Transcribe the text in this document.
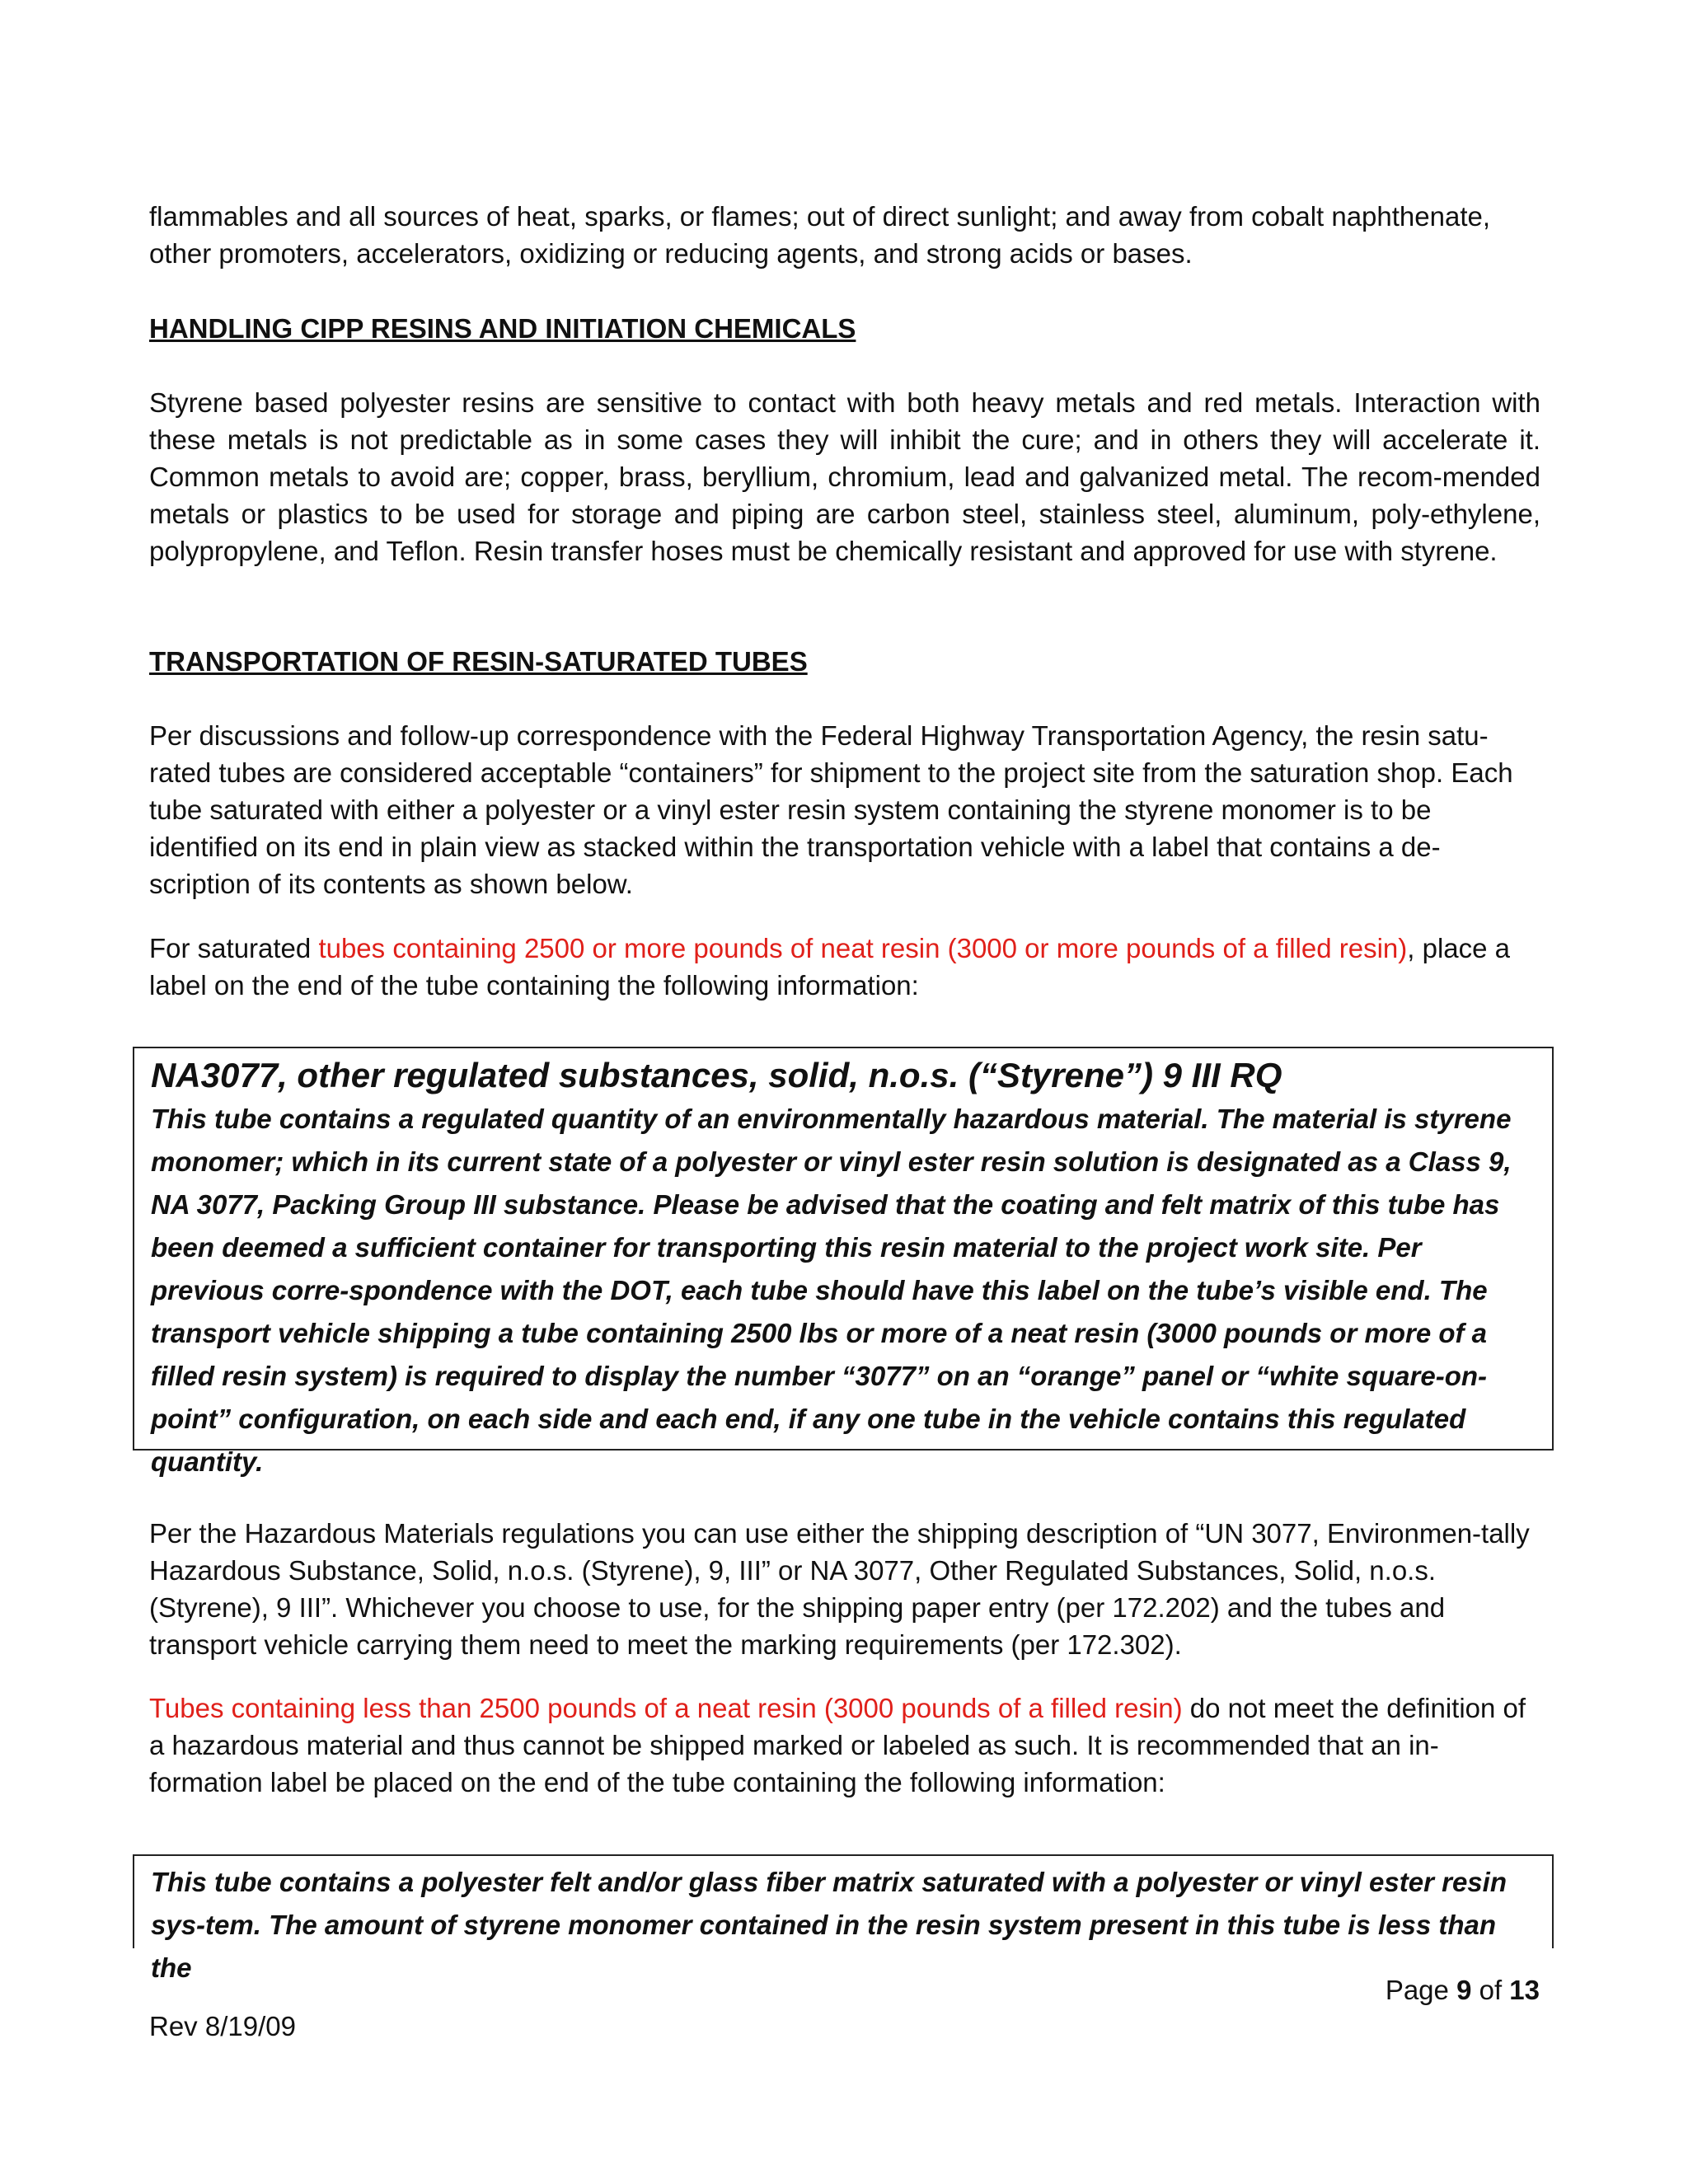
flammables and all sources of heat, sparks, or flames; out of direct sunlight; and away from cobalt naphthenate, other promoters, accelerators, oxidizing or reducing agents, and strong acids or bases.

HANDLING CIPP RESINS AND INITIATION CHEMICALS

Styrene based polyester resins are sensitive to contact with both heavy metals and red metals. Interaction with these metals is not predictable as in some cases they will inhibit the cure; and in others they will accelerate it. Common metals to avoid are; copper, brass, beryllium, chromium, lead and galvanized metal. The recom-mended metals or plastics to be used for storage and piping are carbon steel, stainless steel, aluminum, poly-ethylene, polypropylene, and Teflon. Resin transfer hoses must be chemically resistant and approved for use with styrene.

TRANSPORTATION OF RESIN-SATURATED TUBES

Per discussions and follow-up correspondence with the Federal Highway Transportation Agency, the resin satu-rated tubes are considered acceptable “containers” for shipment to the project site from the saturation shop. Each tube saturated with either a polyester or a vinyl ester resin system containing the styrene monomer is to be identified on its end in plain view as stacked within the transportation vehicle with a label that contains a de-scription of its contents as shown below.

For saturated tubes containing 2500 or more pounds of neat resin (3000 or more pounds of a filled resin), place a label on the end of the tube containing the following information:

NA3077, other regulated substances, solid, n.o.s. (“Styrene”) 9 III RQ

This tube contains a regulated quantity of an environmentally hazardous material. The material is styrene monomer; which in its current state of a polyester or vinyl ester resin solution is designated as a Class 9, NA 3077, Packing Group III substance. Please be advised that the coating and felt matrix of this tube has been deemed a sufficient container for transporting this resin material to the project work site. Per previous corre-spondence with the DOT, each tube should have this label on the tube’s visible end. The transport vehicle shipping a tube containing 2500 lbs or more of a neat resin (3000 pounds or more of a filled resin system) is required to display the number “3077” on an “orange” panel or “white square-on-point” configuration, on each side and each end, if any one tube in the vehicle contains this regulated quantity.

Per the Hazardous Materials regulations you can use either the shipping description of “UN 3077, Environmen-tally Hazardous Substance, Solid, n.o.s. (Styrene), 9, III” or NA 3077, Other Regulated Substances, Solid, n.o.s. (Styrene), 9 III”. Whichever you choose to use, for the shipping paper entry (per 172.202) and the tubes and transport vehicle carrying them need to meet the marking requirements (per 172.302).

Tubes containing less than 2500 pounds of a neat resin (3000 pounds of a filled resin) do not meet the definition of a hazardous material and thus cannot be shipped marked or labeled as such. It is recommended that an in-formation label be placed on the end of the tube containing the following information:

This tube contains a polyester felt and/or glass fiber matrix saturated with a polyester or vinyl ester resin sys-tem. The amount of styrene monomer contained in the resin system present in this tube is less than the

Page 9 of 13
Rev 8/19/09
